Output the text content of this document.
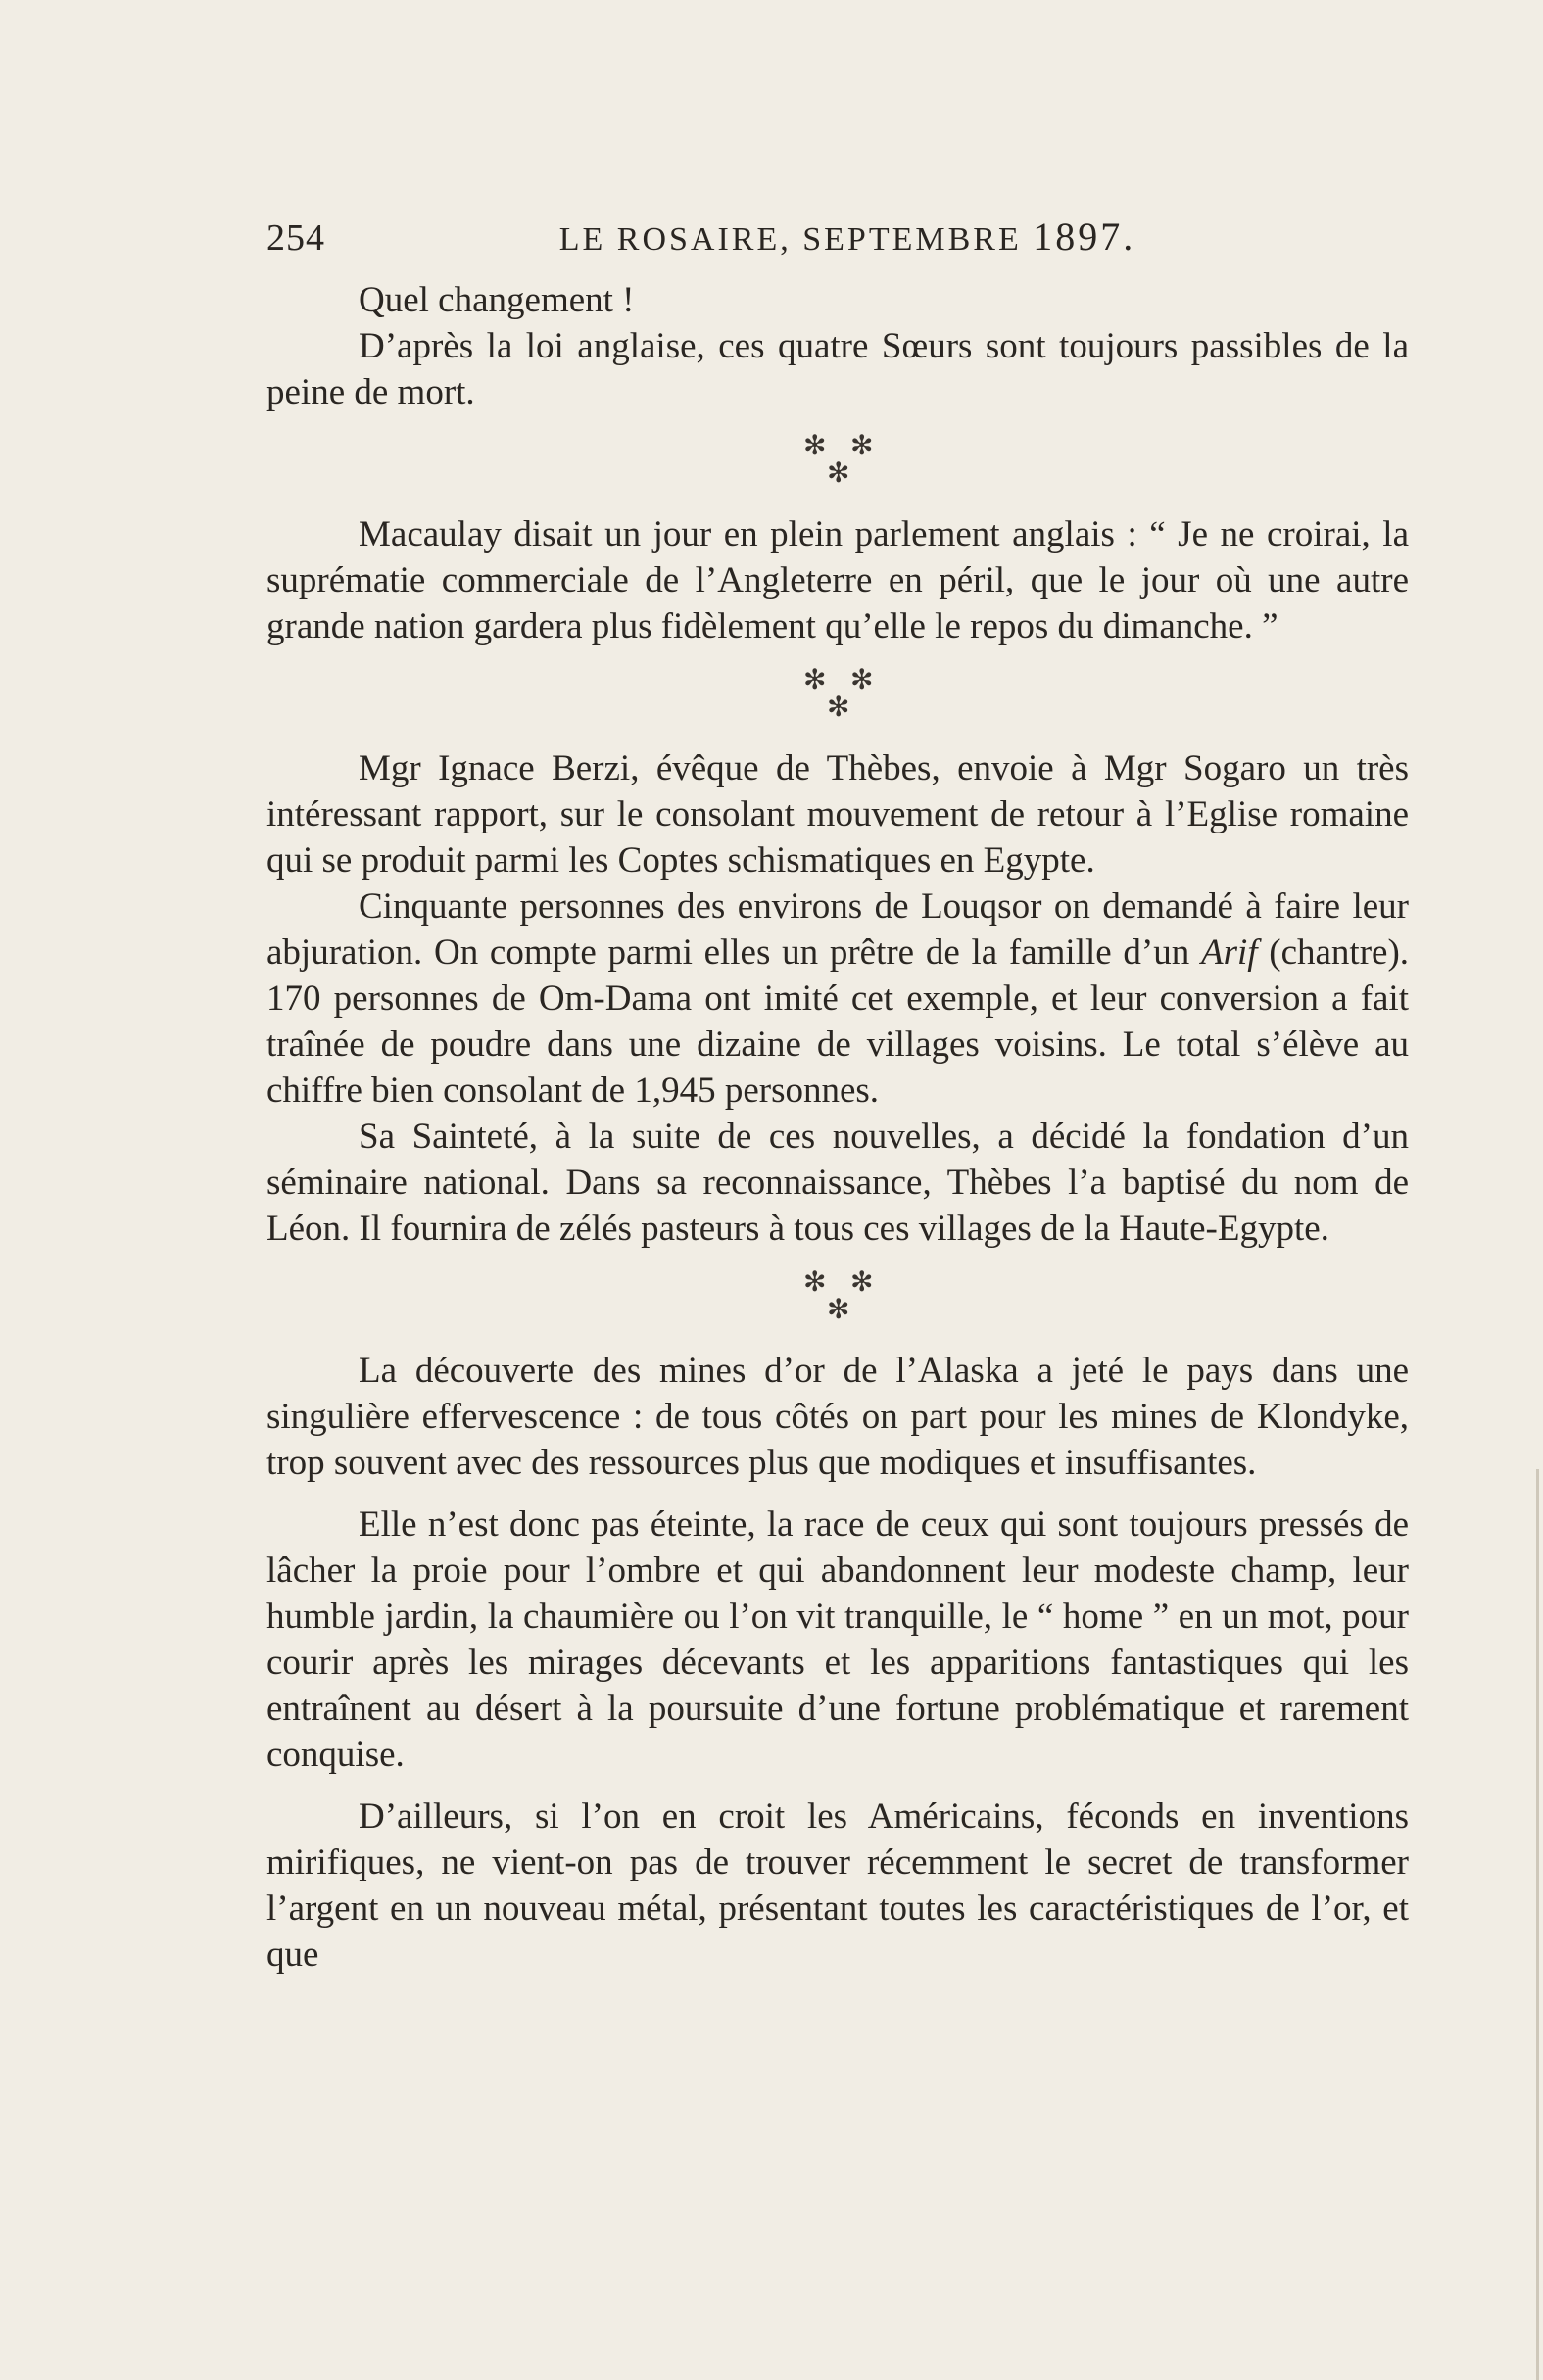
254	LE ROSAIRE, SEPTEMBRE 1897.

Quel changement !

D’après la loi anglaise, ces quatre Sœurs sont toujours passibles de la peine de mort.

✻ ✻
✻

Macaulay disait un jour en plein parlement anglais : “ Je ne croirai, la suprématie commerciale de l’Angleterre en péril, que le jour où une autre grande nation gardera plus fidèlement qu’elle le repos du dimanche. ”

✻ ✻
✻

Mgr Ignace Berzi, évêque de Thèbes, envoie à Mgr Sogaro un très intéressant rapport, sur le consolant mouvement de retour à l’Eglise romaine qui se produit parmi les Coptes schismatiques en Egypte.

Cinquante personnes des environs de Louqsor on demandé à faire leur abjuration. On compte parmi elles un prêtre de la famille d’un Arif (chantre). 170 personnes de Om-Dama ont imité cet exemple, et leur conversion a fait traînée de poudre dans une dizaine de villages voisins. Le total s’élève au chiffre bien consolant de 1,945 personnes.

Sa Sainteté, à la suite de ces nouvelles, a décidé la fondation d’un séminaire national. Dans sa reconnaissance, Thèbes l’a baptisé du nom de Léon. Il fournira de zélés pasteurs à tous ces villages de la Haute-Egypte.

✻ ✻
✻

La découverte des mines d’or de l’Alaska a jeté le pays dans une singulière effervescence : de tous côtés on part pour les mines de Klondyke, trop souvent avec des ressources plus que modiques et insuffisantes.

Elle n’est donc pas éteinte, la race de ceux qui sont toujours pressés de lâcher la proie pour l’ombre et qui abandonnent leur modeste champ, leur humble jardin, la chaumière ou l’on vit tranquille, le “ home ” en un mot, pour courir après les mirages décevants et les apparitions fantastiques qui les entraînent au désert à la poursuite d’une fortune problématique et rarement conquise.

D’ailleurs, si l’on en croit les Américains, féconds en inventions mirifiques, ne vient-on pas de trouver récemment le secret de transformer l’argent en un nouveau métal, présentant toutes les caractéristiques de l’or, et que
